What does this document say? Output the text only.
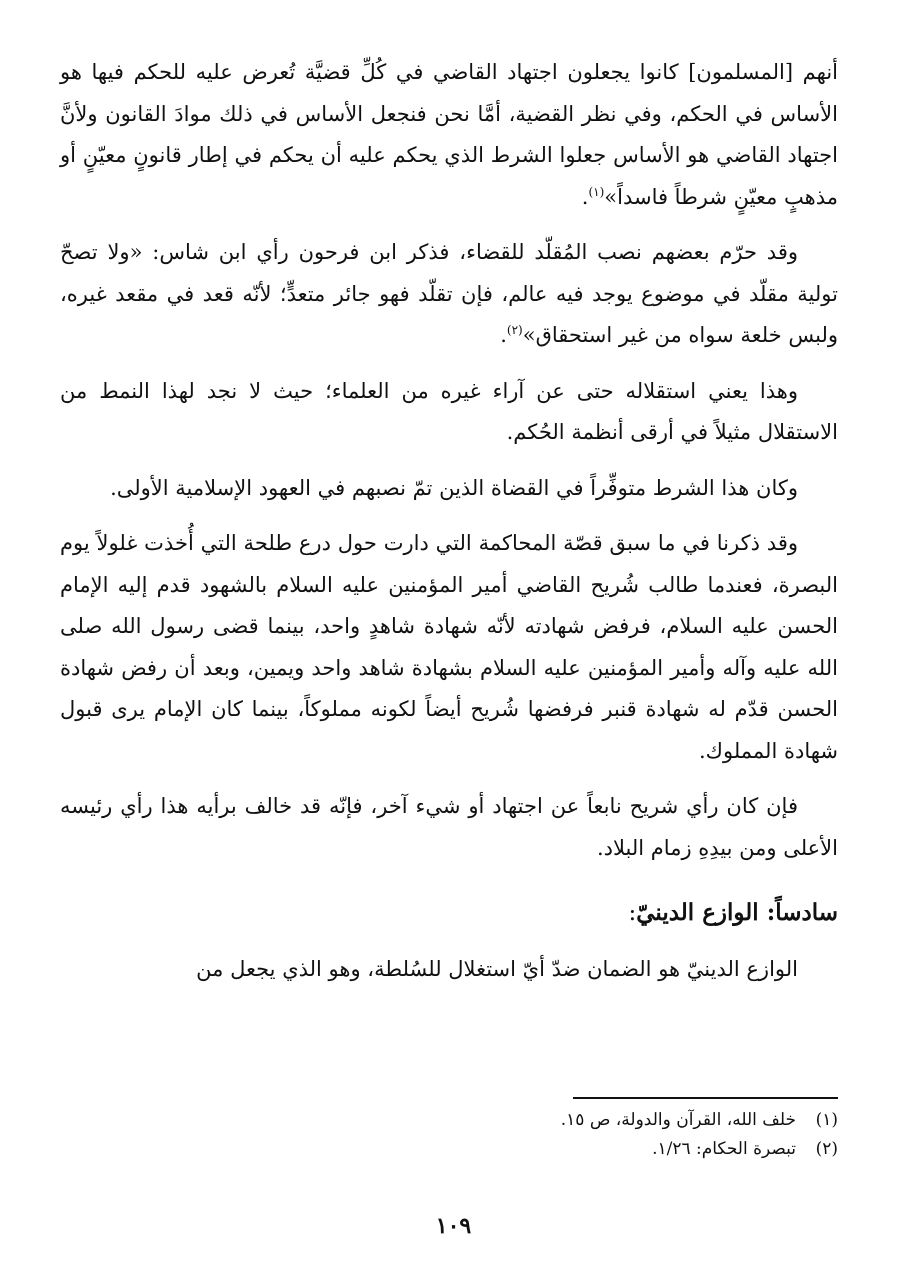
أنهم [المسلمون] كانوا يجعلون اجتهاد القاضي في كُلِّ قضيَّة تُعرض عليه للحكم فيها هو الأساس في الحكم، وفي نظر القضية، أمَّا نحن فنجعل الأساس في ذلك موادَ القانون ولأنَّ اجتهاد القاضي هو الأساس جعلوا الشرط الذي يحكم عليه أن يحكم في إطار قانونٍ معيّنٍ أو مذهبٍ معيّنٍ شرطاً فاسداً»$^{(١)}$.

وقد حرّم بعضهم نصب المُقلّد للقضاء، فذكر ابن فرحون رأي ابن شاس: «ولا تصحّ تولية مقلّد في موضوع يوجد فيه عالم، فإن تقلّد فهو جائر متعدٍّ؛ لأنّه قعد في مقعد غيره، ولبس خلعة سواه من غير استحقاق»$^{(٢)}$.

وهذا يعني استقلاله حتى عن آراء غيره من العلماء؛ حيث لا نجد لهذا النمط من الاستقلال مثيلاً في أرقى أنظمة الحُكم.

وكان هذا الشرط متوفِّراً في القضاة الذين تمّ نصبهم في العهود الإسلامية الأولى.

وقد ذكرنا في ما سبق قصّة المحاكمة التي دارت حول درع طلحة التي أُخذت غلولاً يوم البصرة، فعندما طالب شُريح القاضي أمير المؤمنين عليه السلام بالشهود قدم إليه الإمام الحسن عليه السلام، فرفض شهادته لأنّه شهادة شاهدٍ واحد، بينما قضى رسول الله صلى الله عليه وآله وأمير المؤمنين عليه السلام بشهادة شاهد واحد ويمين، وبعد أن رفض شهادة الحسن قدّم له شهادة قنبر فرفضها شُريح أيضاً لكونه مملوكاً، بينما كان الإمام يرى قبول شهادة المملوك.

فإن كان رأي شريح نابعاً عن اجتهاد أو شيء آخر، فإنّه قد خالف برأيه هذا رأي رئيسه الأعلى ومن بيدِهِ زمام البلاد.

سادساً: الوازع الدينيّ:

الوازع الدينيّ هو الضمان ضدّ أيّ استغلال للسُلطة، وهو الذي يجعل من

(١)
خلف الله، القرآن والدولة، ص ١٥.
(٢)
تبصرة الحكام: ١/٢٦.
١٠٩
